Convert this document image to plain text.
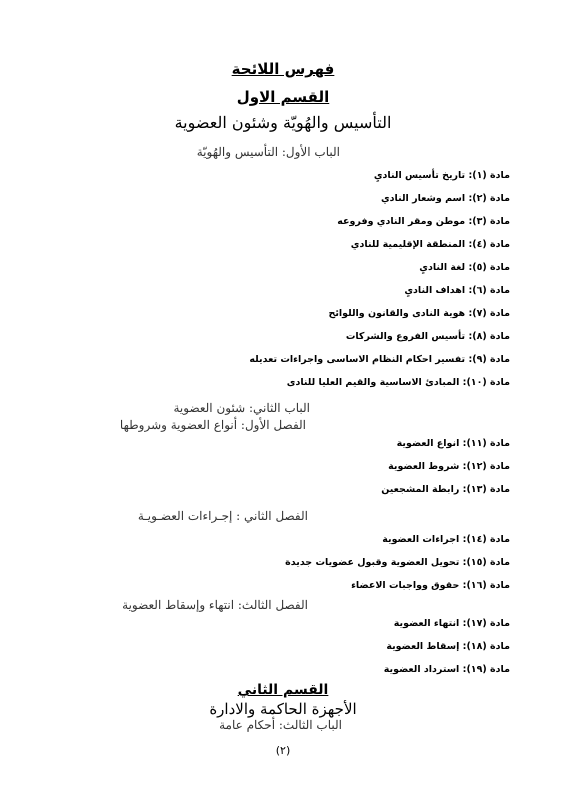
فهرس اللائحة
القسم الاول
التأسيس والهُويّة وشئون العضوية
الباب الأول: التأسيس والهُويّة
مادة (١): تاريخ تأسيس الناديِ
مادة (٢): اسم وشعار النادي
مادة (٣): موطن ومقر النادي وفروعه
مادة (٤): المنطقة الإقليمية للنادي
مادة (٥): لغة الناديِ
مادة (٦): اهداف الناديِ
مادة (٧): هوية النادى والقانون واللوائح
مادة (٨): تأسيس الفروع والشركات
مادة (٩): تفسير احكام النظام الاساسى واجراءات تعديله
مادة (١٠): المبادئ الاساسية والقيم العليا للنادى
الباب الثاني: شئون العضوية
الفصل الأول: أنواع العضوية وشروطها
مادة (١١): انواع العضوية
مادة (١٢): شروط العضوية
مادة (١٣): رابطة المشجعين
الفصل الثاني : إجـراءات العضـويـة
مادة (١٤): اجراءات العضوية
مادة (١٥): تحويل العضوية وقبول عضويات جديدة
مادة (١٦): حقوق وواجبات الاعضاء
الفصل الثالث: انتهاء وإسقاط العضوية
مادة (١٧): انتهاء العضوية
مادة (١٨): إسقاط العضوية
مادة (١٩): استرداد العضوية
القسم الثاني
الأجهزة الحاكمة والادارة
الباب الثالث: أحكام عامة
(٢)
